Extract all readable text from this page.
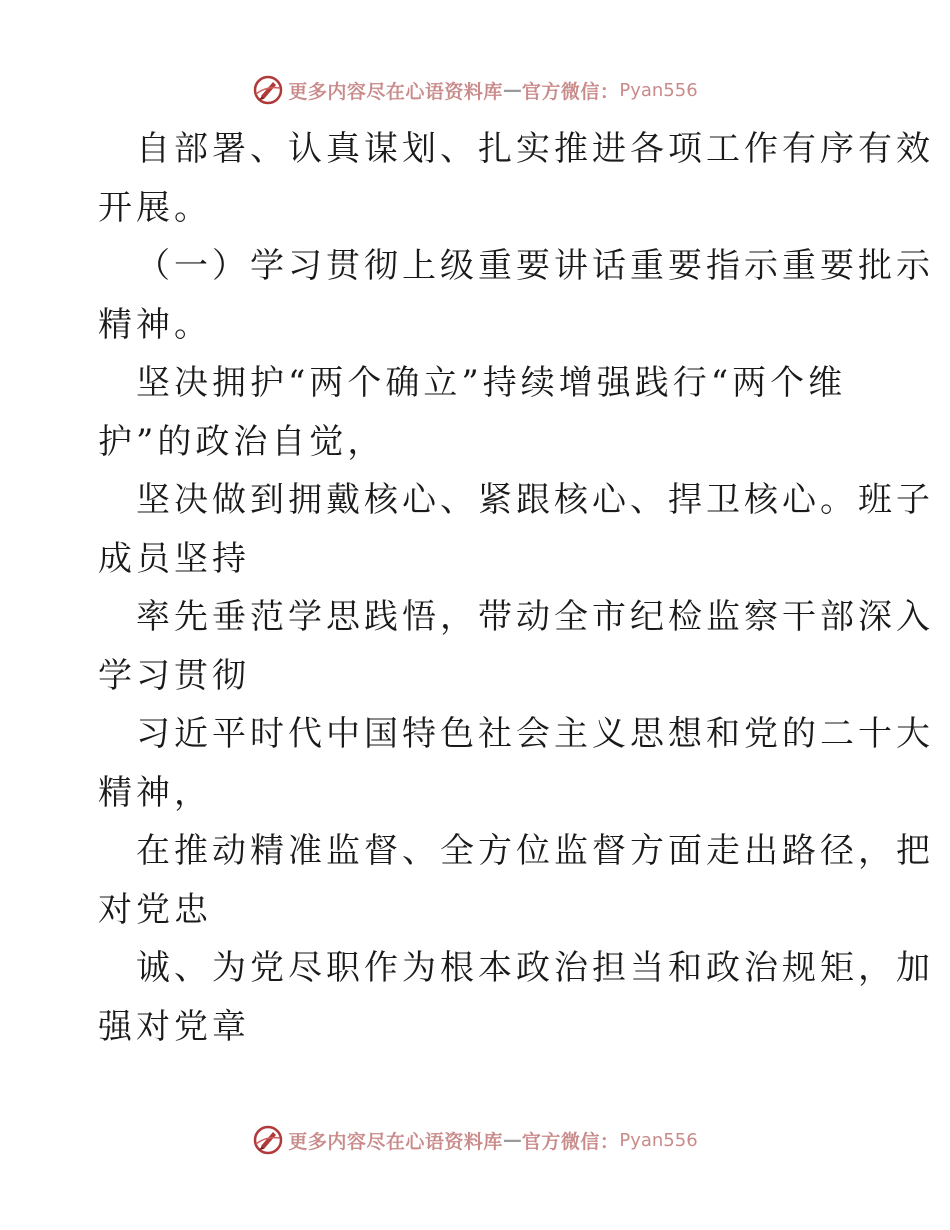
更多内容尽在心语资料库 — 官方微信： Pyan556
自部署、认真谋划、扎实推进各项工作有序有效
开展。
（一）学习贯彻上级重要讲话重要指示重要批示
精神。
坚决拥护“两个确立”持续增强践行“两个维
护”的政治自觉，
坚决做到拥戴核心、紧跟核心、捍卫核心。班子
成员坚持
率先垂范学思践悟，带动全市纪检监察干部深入
学习贯彻
习近平时代中国特色社会主义思想和党的二十大
精神，
在推动精准监督、全方位监督方面走出路径，把
对党忠
诚、为党尽职作为根本政治担当和政治规矩，加
强对党章
更多内容尽在心语资料库 — 官方微信： Pyan556
